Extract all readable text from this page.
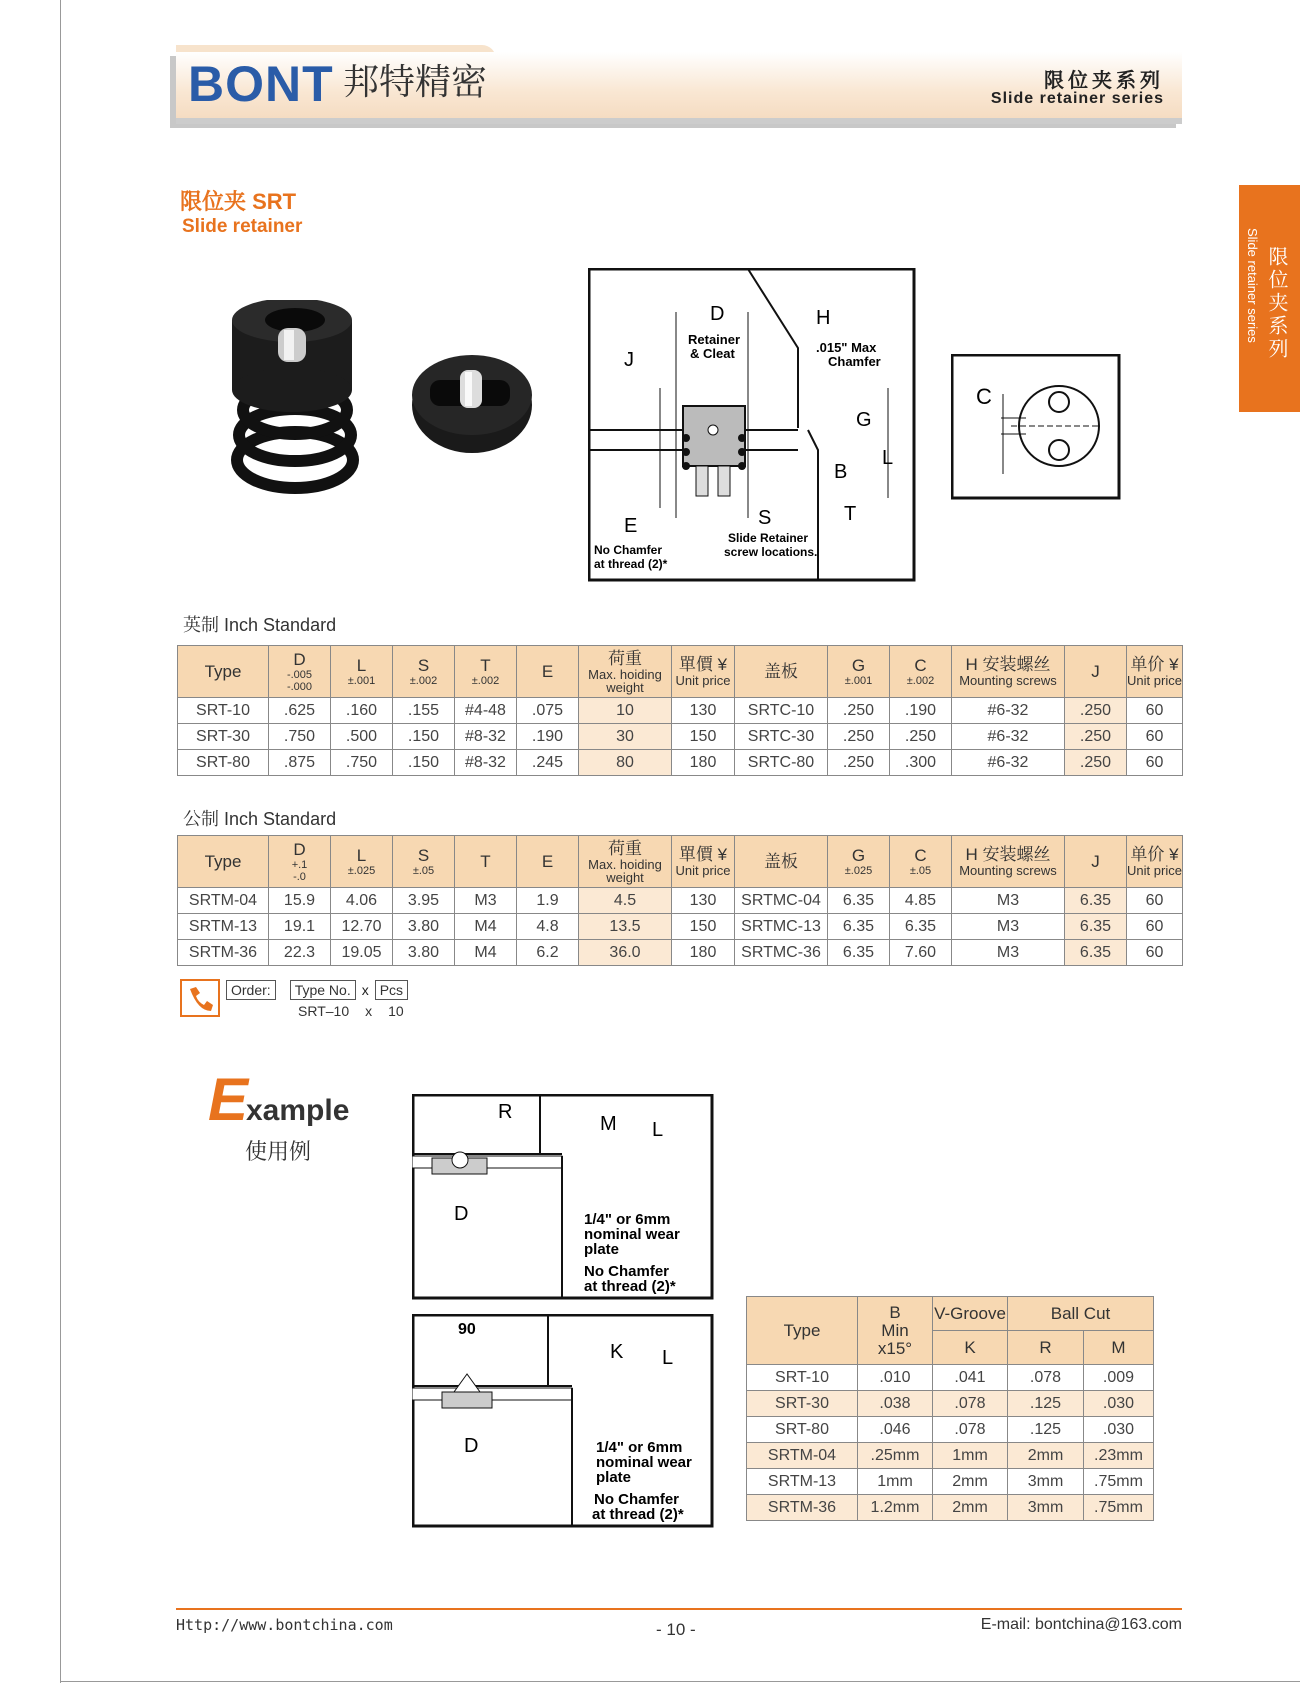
BONT 邦特精密	限位夹系列
Slide retainer series
限位夹系列
Slide retainer series
限位夹 SRT
Slide retainer
D	H
J
Retainer
& Cleat	.015" Max
Chamfer
G
L
B
T
E	S
No Chamfer
at thread (2)*
Slide Retainer
screw locations.
C
英制 Inch Standard
Type	D
-.005
-.000	L
±.001	S
±.002	T
±.002	E	荷重
Max. hoiding
weight	單價 ¥
Unit price	盖板	G
±.001	C
±.002	H 安装螺丝
Mounting screws	J	单价 ¥
Unit price

SRT-10	.625	.160	.155	#4-48	.075	10	130	SRTC-10	.250	.190	#6-32	.250	60
SRT-30	.750	.500	.150	#8-32	.190	30	150	SRTC-30	.250	.250	#6-32	.250	60
SRT-80	.875	.750	.150	#8-32	.245	80	180	SRTC-80	.250	.300	#6-32	.250	60
公制 Inch Standard
Type	D
+.1
-.0	L
±.025	S
±.05	T	E	荷重
Max. hoiding
weight	單價 ¥
Unit price	盖板	G
±.025	C
±.05	H 安装螺丝
Mounting screws	J	单价 ¥
Unit price

SRTM-04	15.9	4.06	3.95	M3	1.9	4.5	130	SRTMC-04	6.35	4.85	M3	6.35	60
SRTM-13	19.1	12.70	3.80	M4	4.8	13.5	150	SRTMC-13	6.35	6.35	M3	6.35	60
SRTM-36	22.3	19.05	3.80	M4	6.2	36.0	180	SRTMC-36	6.35	7.60	M3	6.35	60
Order:	Type No. x Pcs
SRT–10 x 10
E
xample
使用例
R
M L
D	1/4" or 6mm
nominal wear
plate
No Chamfer
at thread (2)*
90
K L
D	1/4" or 6mm
nominal wear
plate
No Chamfer
at thread (2)*
Type	B
Min
x15°	V-Groove	Ball Cut	

		K	R	M

SRT-10	.010	.041	.078	.009
SRT-30	.038	.078	.125	.030
SRT-80	.046	.078	.125	.030
SRTM-04	.25mm	1mm	2mm	.23mm
SRTM-13	1mm	2mm	3mm	.75mm
SRTM-36	1.2mm	2mm	3mm	.75mm
Http://www.bontchina.com	- 10 -	E-mail: bontchina@163.com
